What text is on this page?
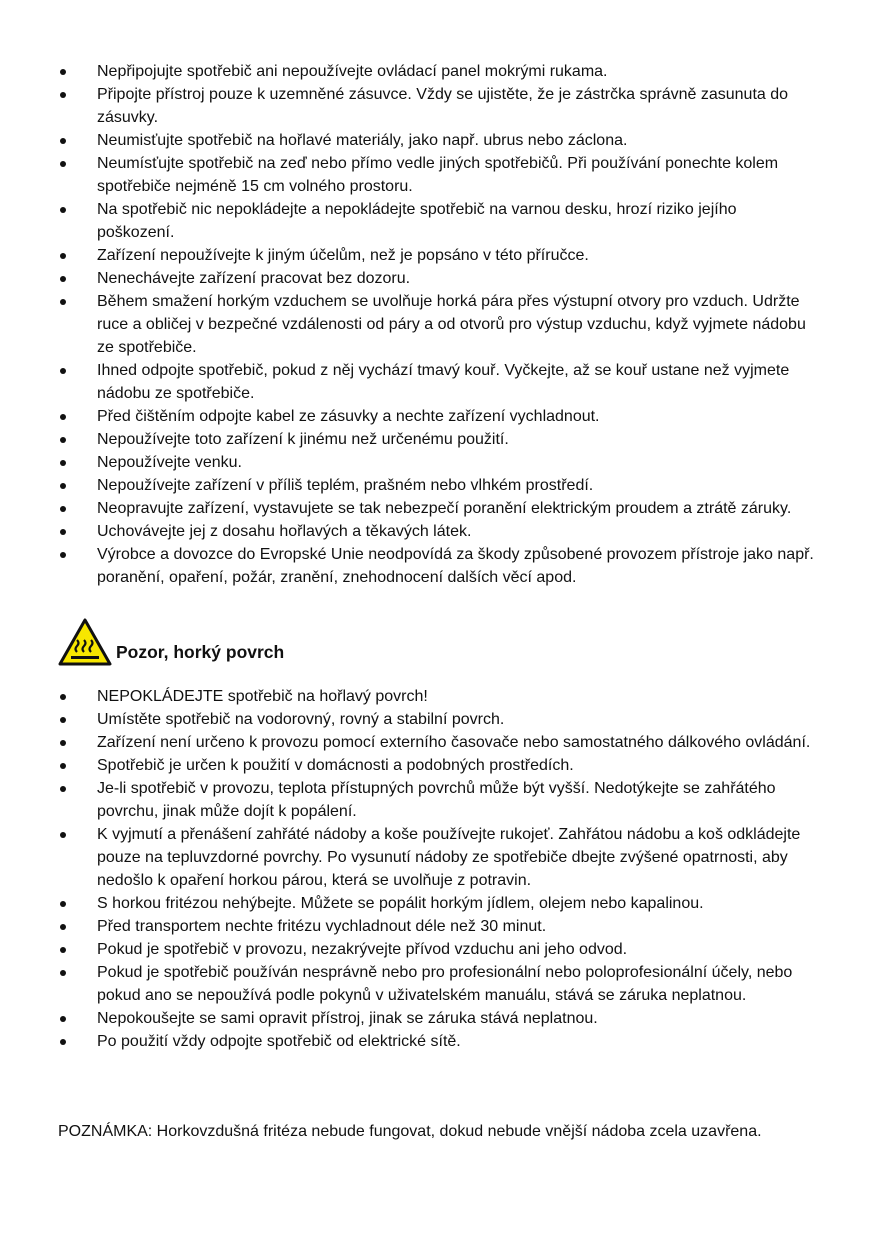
Nepřipojujte spotřebič ani nepoužívejte ovládací panel mokrými rukama.
Připojte přístroj pouze k uzemněné zásuvce. Vždy se ujistěte, že je zástrčka správně zasunuta do zásuvky.
Neumisťujte spotřebič na hořlavé materiály, jako např. ubrus nebo záclona.
Neumísťujte spotřebič na zeď nebo přímo vedle jiných spotřebičů. Při používání ponechte kolem spotřebiče nejméně 15 cm volného prostoru.
Na spotřebič nic nepokládejte a nepokládejte spotřebič na varnou desku, hrozí riziko jejího poškození.
Zařízení nepoužívejte k jiným účelům, než je popsáno v této příručce.
Nenechávejte zařízení pracovat bez dozoru.
Během smažení horkým vzduchem se uvolňuje horká pára přes výstupní otvory pro vzduch. Udržte ruce a obličej v bezpečné vzdálenosti od páry a od otvorů pro výstup vzduchu, když vyjmete nádobu ze spotřebiče.
Ihned odpojte spotřebič, pokud z něj vychází tmavý kouř. Vyčkejte, až se kouř ustane než vyjmete nádobu ze spotřebiče.
Před čištěním odpojte kabel ze zásuvky a nechte zařízení vychladnout.
Nepoužívejte toto zařízení k jinému než určenému použití.
Nepoužívejte venku.
Nepoužívejte zařízení v příliš teplém, prašném nebo vlhkém prostředí.
Neopravujte zařízení, vystavujete se tak nebezpečí poranění elektrickým proudem a ztrátě záruky.
Uchovávejte jej z dosahu hořlavých a těkavých látek.
Výrobce a dovozce do Evropské Unie neodpovídá za škody způsobené provozem přístroje jako např. poranění, opaření, požár, zranění, znehodnocení dalších věcí apod.
Pozor, horký povrch
NEPOKLÁDEJTE spotřebič na hořlavý povrch!
Umístěte spotřebič na vodorovný, rovný a stabilní povrch.
Zařízení není určeno k provozu pomocí externího časovače nebo samostatného dálkového ovládání.
Spotřebič je určen k použití v domácnosti a podobných prostředích.
Je-li spotřebič v provozu, teplota přístupných povrchů může být vyšší. Nedotýkejte se zahřátého povrchu, jinak může dojít k popálení.
K vyjmutí a přenášení zahřáté nádoby a koše používejte rukojeť. Zahřátou nádobu a koš odkládejte pouze na tepluvzdorné povrchy. Po vysunutí nádoby ze spotřebiče dbejte zvýšené opatrnosti, aby nedošlo k opaření horkou párou, která se uvolňuje z potravin.
S horkou fritézou nehýbejte. Můžete se popálit horkým jídlem, olejem nebo kapalinou.
Před transportem nechte fritézu vychladnout déle než 30 minut.
Pokud je spotřebič v provozu, nezakrývejte přívod vzduchu ani jeho odvod.
Pokud je spotřebič používán nesprávně nebo pro profesionální nebo poloprofesionální účely, nebo pokud ano se nepoužívá podle pokynů v uživatelském manuálu, stává se záruka neplatnou.
Nepokoušejte se sami opravit přístroj, jinak se záruka stává neplatnou.
Po použití vždy odpojte spotřebič od elektrické sítě.
POZNÁMKA: Horkovzdušná fritéza nebude fungovat, dokud nebude vnější nádoba zcela uzavřena.
